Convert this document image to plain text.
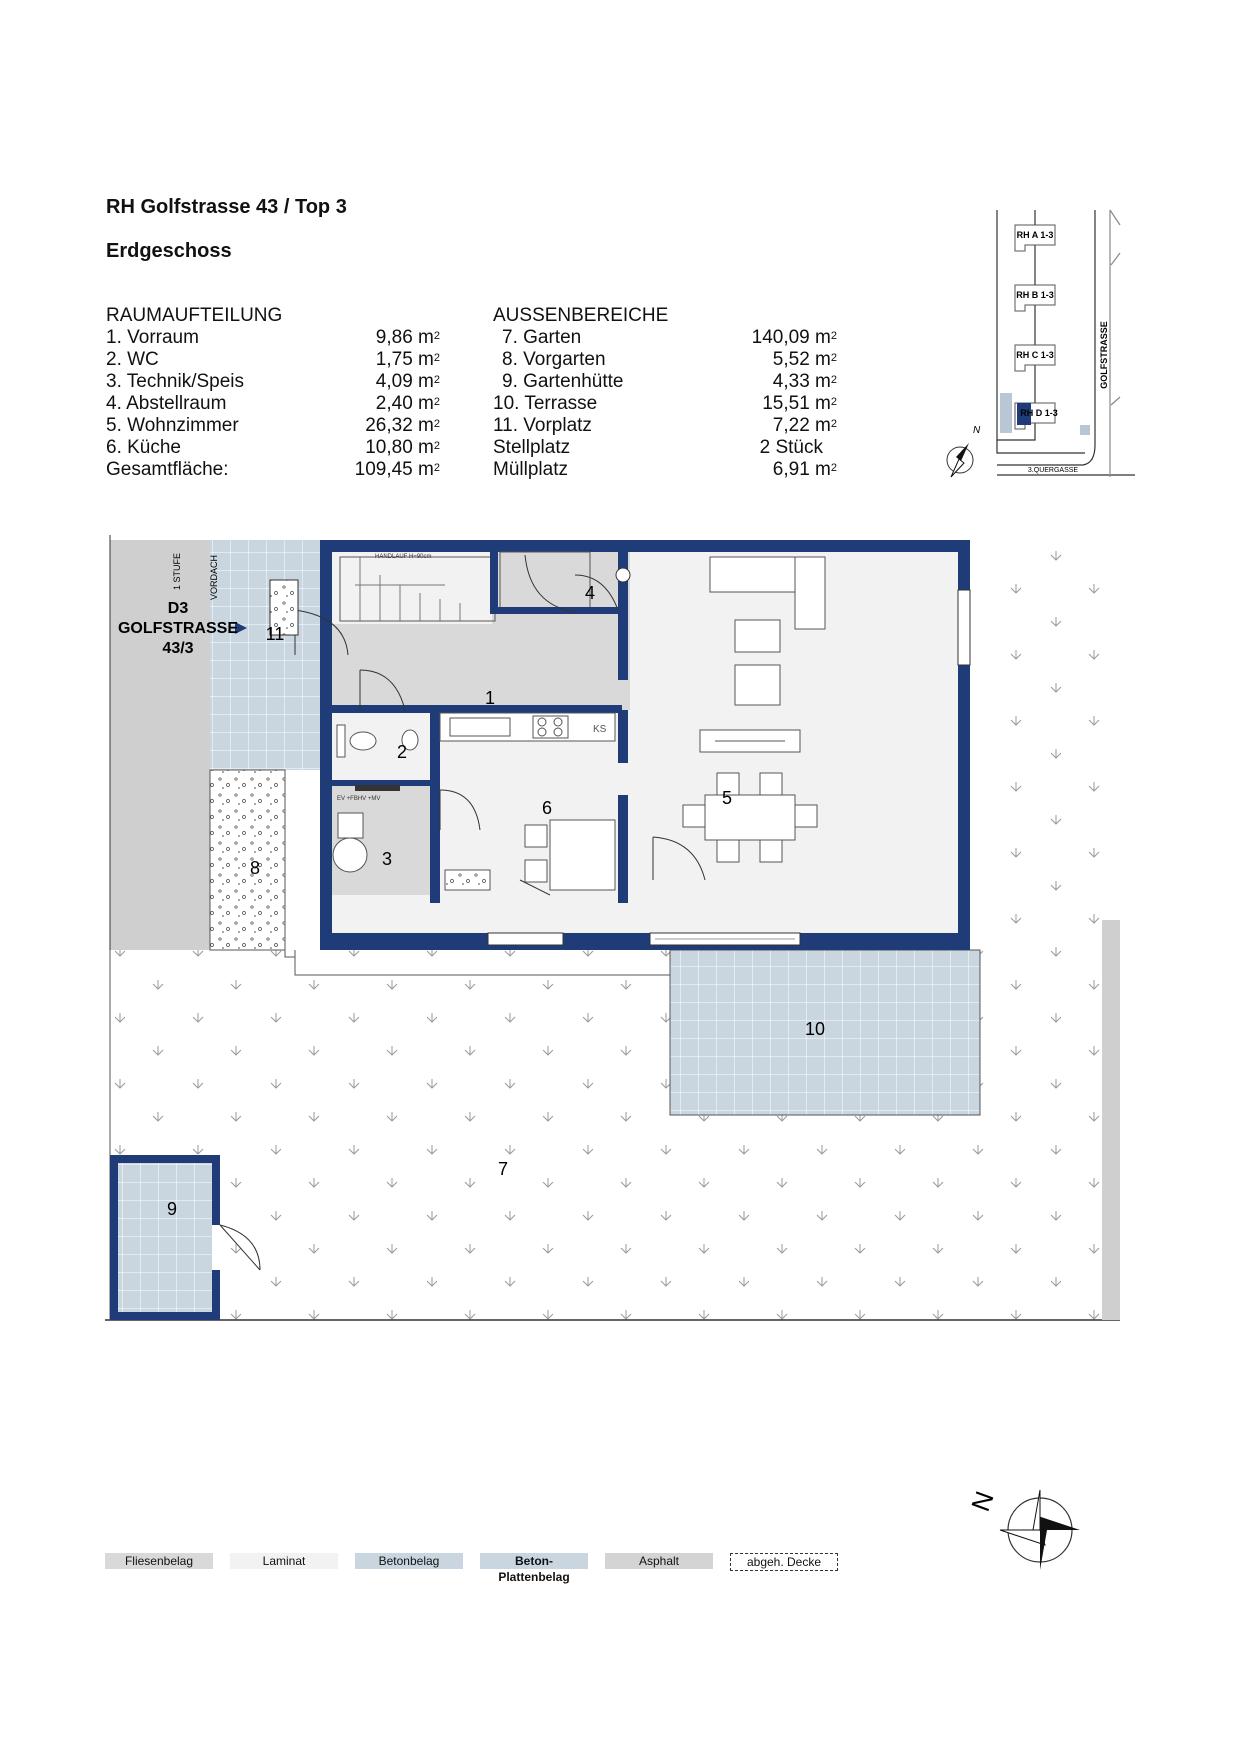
RH Golfstrasse 43 / Top 3
Erdgeschoss
RAUMAUFTEILUNG
1. Vorraum	9,86 $m^2$
2. WC	1,75 $m^2$
3. Technik/Speis	4,09 $m^2$
4. Abstellraum	2,40 $m^2$
5. Wohnzimmer	26,32 $m^2$
6. Küche	10,80 $m^2$
Gesamtfläche:	109,45 $m^2$
AUSSENBEREICHE
7. Garten	140,09 $m^2$
8. Vorgarten	5,52 $m^2$
9. Gartenhütte	4,33 $m^2$
10. Terrasse	15,51 $m^2$
11. Vorplatz	7,22 $m^2$
Stellplatz	2 Stück
Müllplatz	6,91 $m^2$
RH A 1-3
RH B 1-3
RH C 1-3
RH D 1-3
GOLFSTRASSE
3.QUERGASSE
N
KS
EV +FBHV +MV
1 STUFE	VORDACH	HANDLAUF H=90cm
D3
GOLFSTRASSE
43/3
1
2
3
4
5
6
7
8
9
10
11
N
Fliesenbelag	Laminat	Betonbelag	Beton-Plattenbelag
Asphalt	abgeh. Decke
